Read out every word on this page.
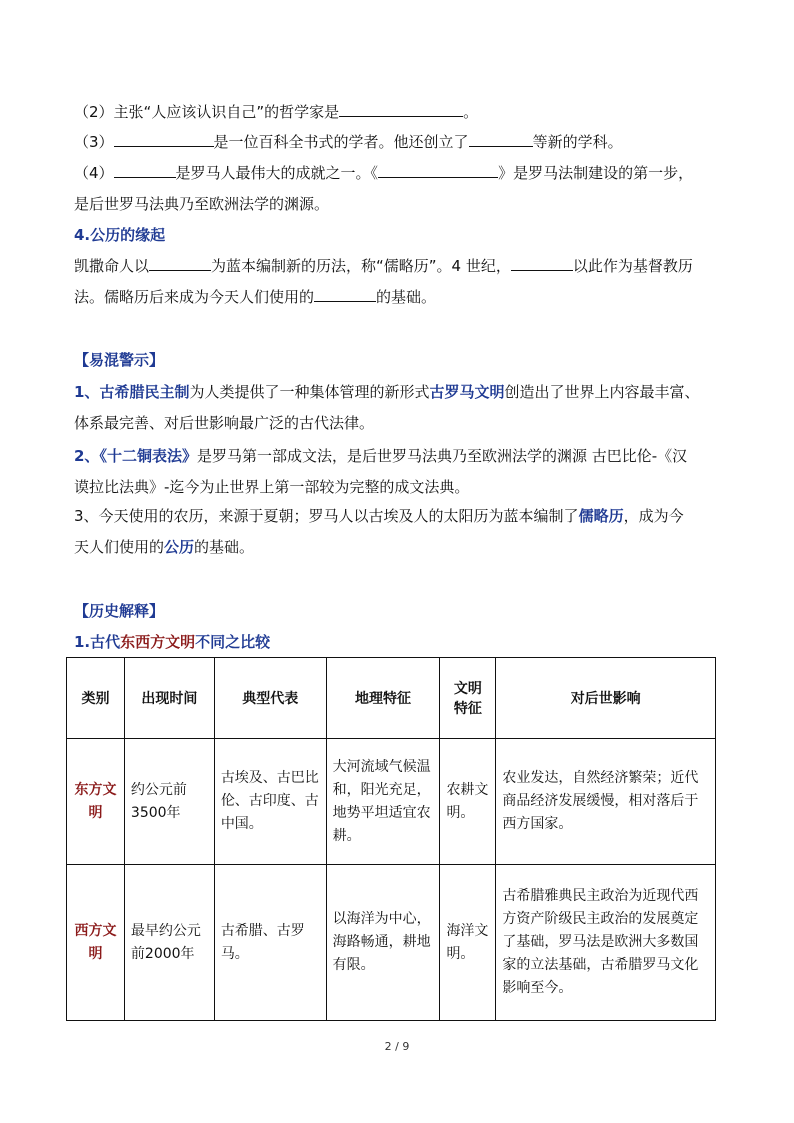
（2）主张“人应该认识自己”的哲学家是	。
（3）	是一位百科全书式的学者。他还创立了	等新的学科。
（4）	是罗马人最伟大的成就之一。《	》是罗马法制建设的第一步，
是后世罗马法典乃至欧洲法学的渊源。
4.公历的缘起
凯撒命人以	为蓝本编制新的历法，称“儒略历”。4 世纪，	以此作为基督教历
法。儒略历后来成为今天人们使用的	的基础。
【易混警示】
1、古希腊民主制为人类提供了一种集体管理的新形式古罗马文明创造出了世界上内容最丰富、
体系最完善、对后世影响最广泛的古代法律。
2、《十二铜表法》是罗马第一部成文法，是后世罗马法典乃至欧洲法学的渊源 古巴比伦-《汉
谟拉比法典》-迄今为止世界上第一部较为完整的成文法典。
3、今天使用的农历，来源于夏朝；罗马人以古埃及人的太阳历为蓝本编制了儒略历，成为今
天人们使用的公历的基础。
【历史解释】
1.古代东西方文明不同之比较
类别	出现时间	典型代表	地理特征	文明特征	对后世影响
东方文明	约公元前3500年	古埃及、古巴比伦、古印度、古中国。	大河流域气候温和，阳光充足，地势平坦适宜农耕。	农耕文明。	农业发达，自然经济繁荣；近代商品经济发展缓慢，相对落后于西方国家。
西方文明	最早约公元前2000年	古希腊、古罗马。	以海洋为中心，海路畅通，耕地有限。	海洋文明。	古希腊雅典民主政治为近现代西方资产阶级民主政治的发展奠定了基础，罗马法是欧洲大多数国家的立法基础，古希腊罗马文化影响至今。
2 / 9
